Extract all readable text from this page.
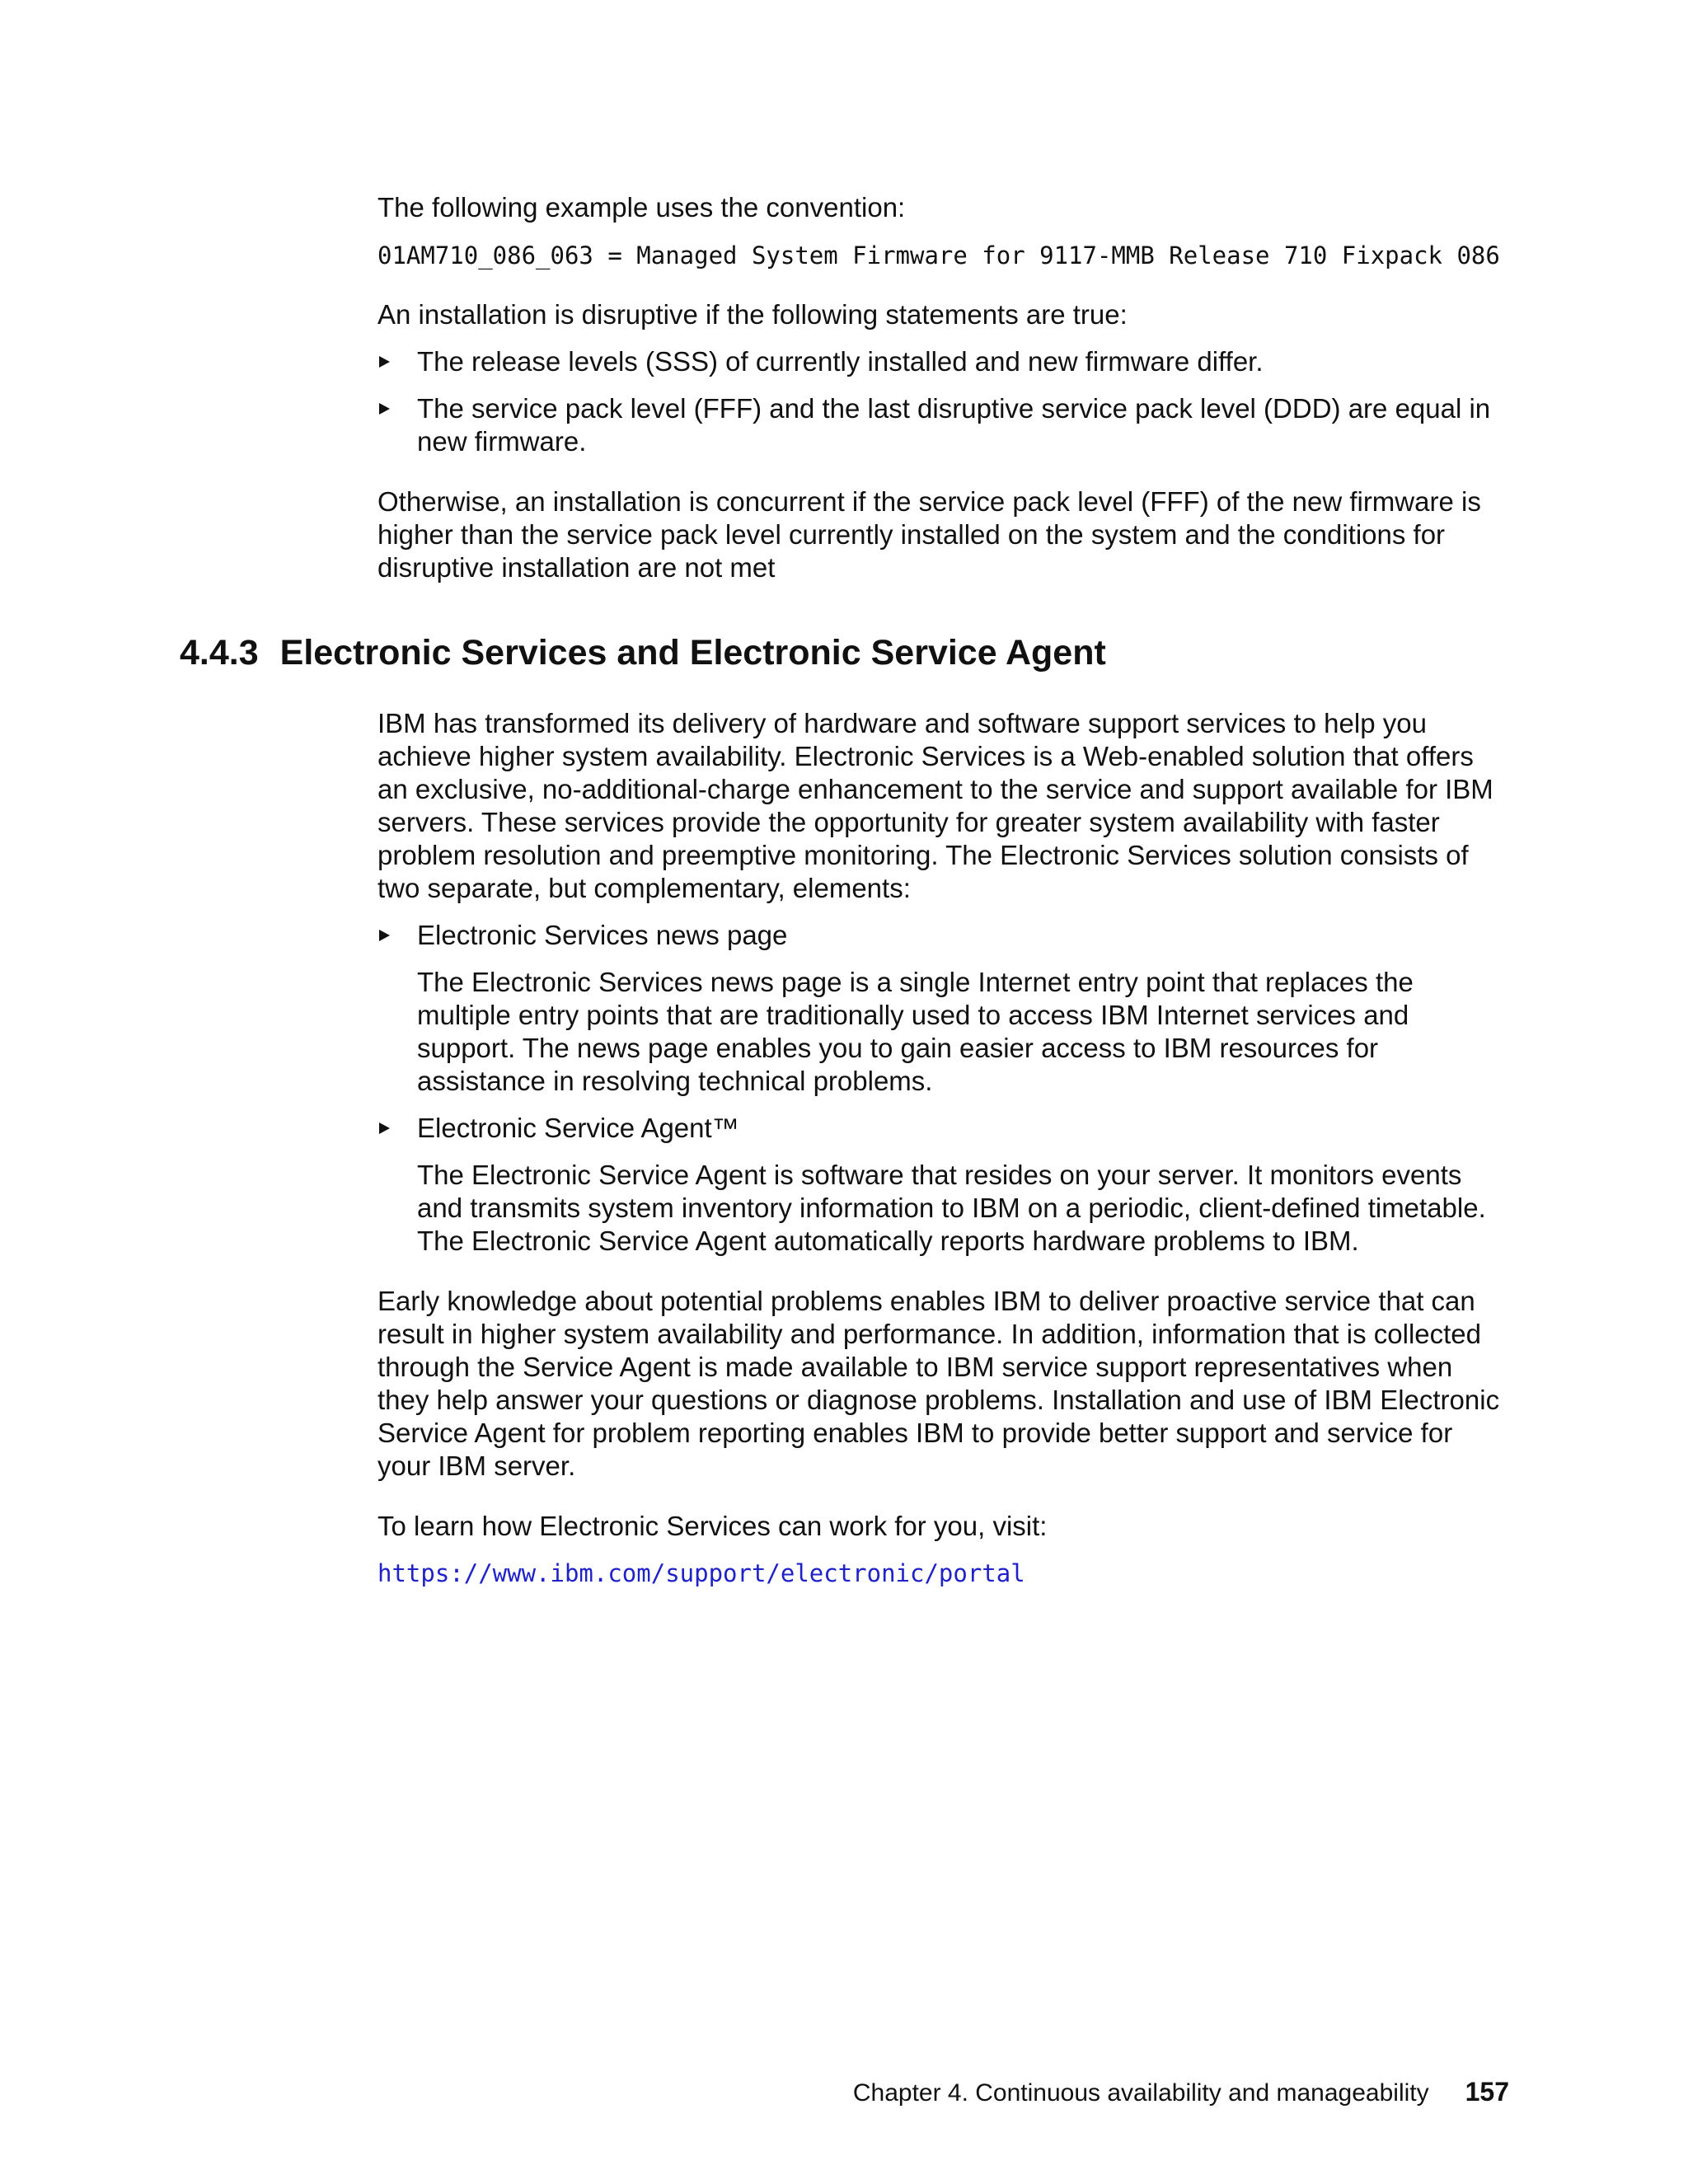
The following example uses the convention:

01AM710_086_063 = Managed System Firmware for 9117-MMB Release 710 Fixpack 086

An installation is disruptive if the following statements are true:

The release levels (SSS) of currently installed and new firmware differ.
The service pack level (FFF) and the last disruptive service pack level (DDD) are equal in new firmware.

Otherwise, an installation is concurrent if the service pack level (FFF) of the new firmware is higher than the service pack level currently installed on the system and the conditions for disruptive installation are not met

4.4.3 Electronic Services and Electronic Service Agent

IBM has transformed its delivery of hardware and software support services to help you achieve higher system availability. Electronic Services is a Web-enabled solution that offers an exclusive, no-additional-charge enhancement to the service and support available for IBM servers. These services provide the opportunity for greater system availability with faster problem resolution and preemptive monitoring. The Electronic Services solution consists of two separate, but complementary, elements:

Electronic Services news page

The Electronic Services news page is a single Internet entry point that replaces the multiple entry points that are traditionally used to access IBM Internet services and support. The news page enables you to gain easier access to IBM resources for assistance in resolving technical problems.

Electronic Service Agent™

The Electronic Service Agent is software that resides on your server. It monitors events and transmits system inventory information to IBM on a periodic, client-defined timetable. The Electronic Service Agent automatically reports hardware problems to IBM.

Early knowledge about potential problems enables IBM to deliver proactive service that can result in higher system availability and performance. In addition, information that is collected through the Service Agent is made available to IBM service support representatives when they help answer your questions or diagnose problems. Installation and use of IBM Electronic Service Agent for problem reporting enables IBM to provide better support and service for your IBM server.

To learn how Electronic Services can work for you, visit:

https://www.ibm.com/support/electronic/portal

Chapter 4. Continuous availability and manageability 157
